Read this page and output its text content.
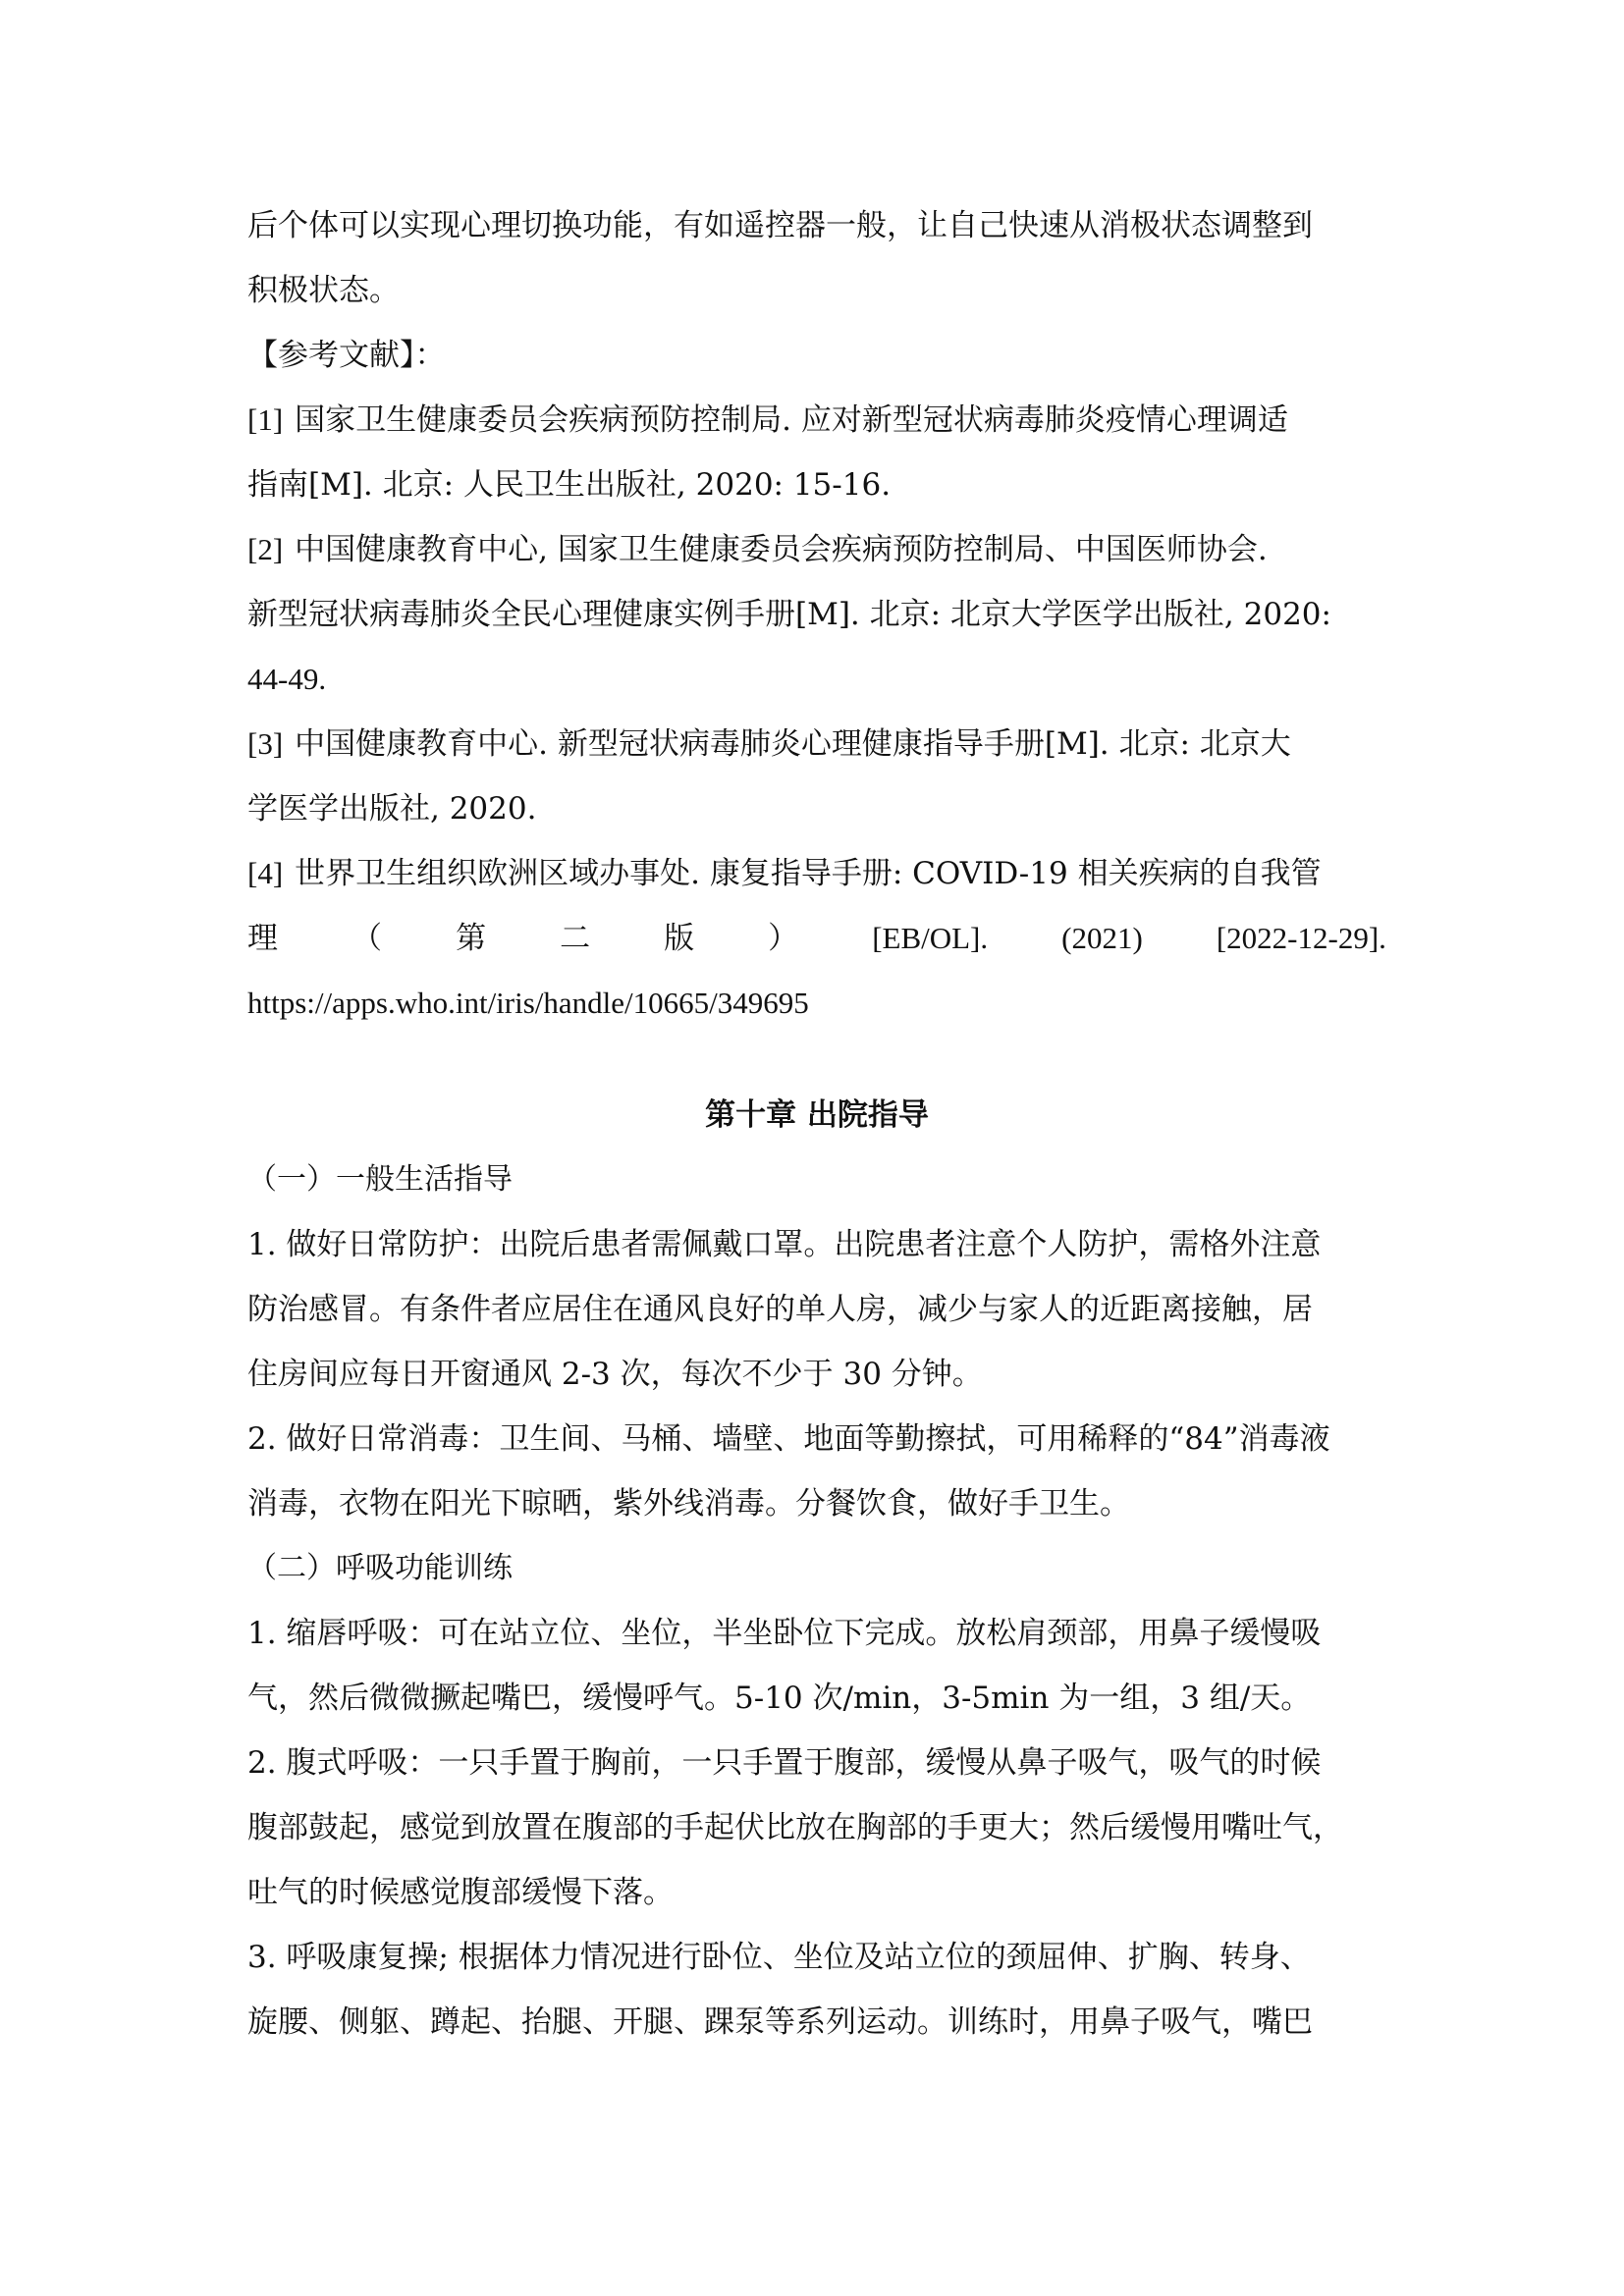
后个体可以实现心理切换功能，有如遥控器一般，让自己快速从消极状态调整到
积极状态。
【参考文献】：
[1] 国家卫生健康委员会疾病预防控制局. 应对新型冠状病毒肺炎疫情心理调适
指南[M]. 北京: 人民卫生出版社, 2020: 15-16.
[2] 中国健康教育中心, 国家卫生健康委员会疾病预防控制局、中国医师协会.
新型冠状病毒肺炎全民心理健康实例手册[M]. 北京: 北京大学医学出版社, 2020:
44-49.
[3] 中国健康教育中心. 新型冠状病毒肺炎心理健康指导手册[M]. 北京: 北京大
学医学出版社, 2020.
[4] 世界卫生组织欧洲区域办事处. 康复指导手册: COVID-19 相关疾病的自我管
理 （ 第 二 版 ） [EB/OL]. (2021) [2022-12-29].
https://apps.who.int/iris/handle/10665/349695
第十章 出院指导
（一）一般生活指导
1. 做好日常防护：出院后患者需佩戴口罩。出院患者注意个人防护，需格外注意
防治感冒。有条件者应居住在通风良好的单人房，减少与家人的近距离接触，居
住房间应每日开窗通风 2-3 次，每次不少于 30 分钟。
2. 做好日常消毒：卫生间、马桶、墙壁、地面等勤擦拭，可用稀释的“84”消毒液
消毒，衣物在阳光下晾晒，紫外线消毒。分餐饮食，做好手卫生。
（二）呼吸功能训练
1. 缩唇呼吸：可在站立位、坐位，半坐卧位下完成。放松肩颈部，用鼻子缓慢吸
气，然后微微撅起嘴巴，缓慢呼气。5-10 次/min，3-5min 为一组，3 组/天。
2. 腹式呼吸：一只手置于胸前，一只手置于腹部，缓慢从鼻子吸气，吸气的时候
腹部鼓起，感觉到放置在腹部的手起伏比放在胸部的手更大；然后缓慢用嘴吐气，
吐气的时候感觉腹部缓慢下落。
3. 呼吸康复操; 根据体力情况进行卧位、坐位及站立位的颈屈伸、扩胸、转身、
旋腰、侧躯、蹲起、抬腿、开腿、踝泵等系列运动。训练时，用鼻子吸气，嘴巴
